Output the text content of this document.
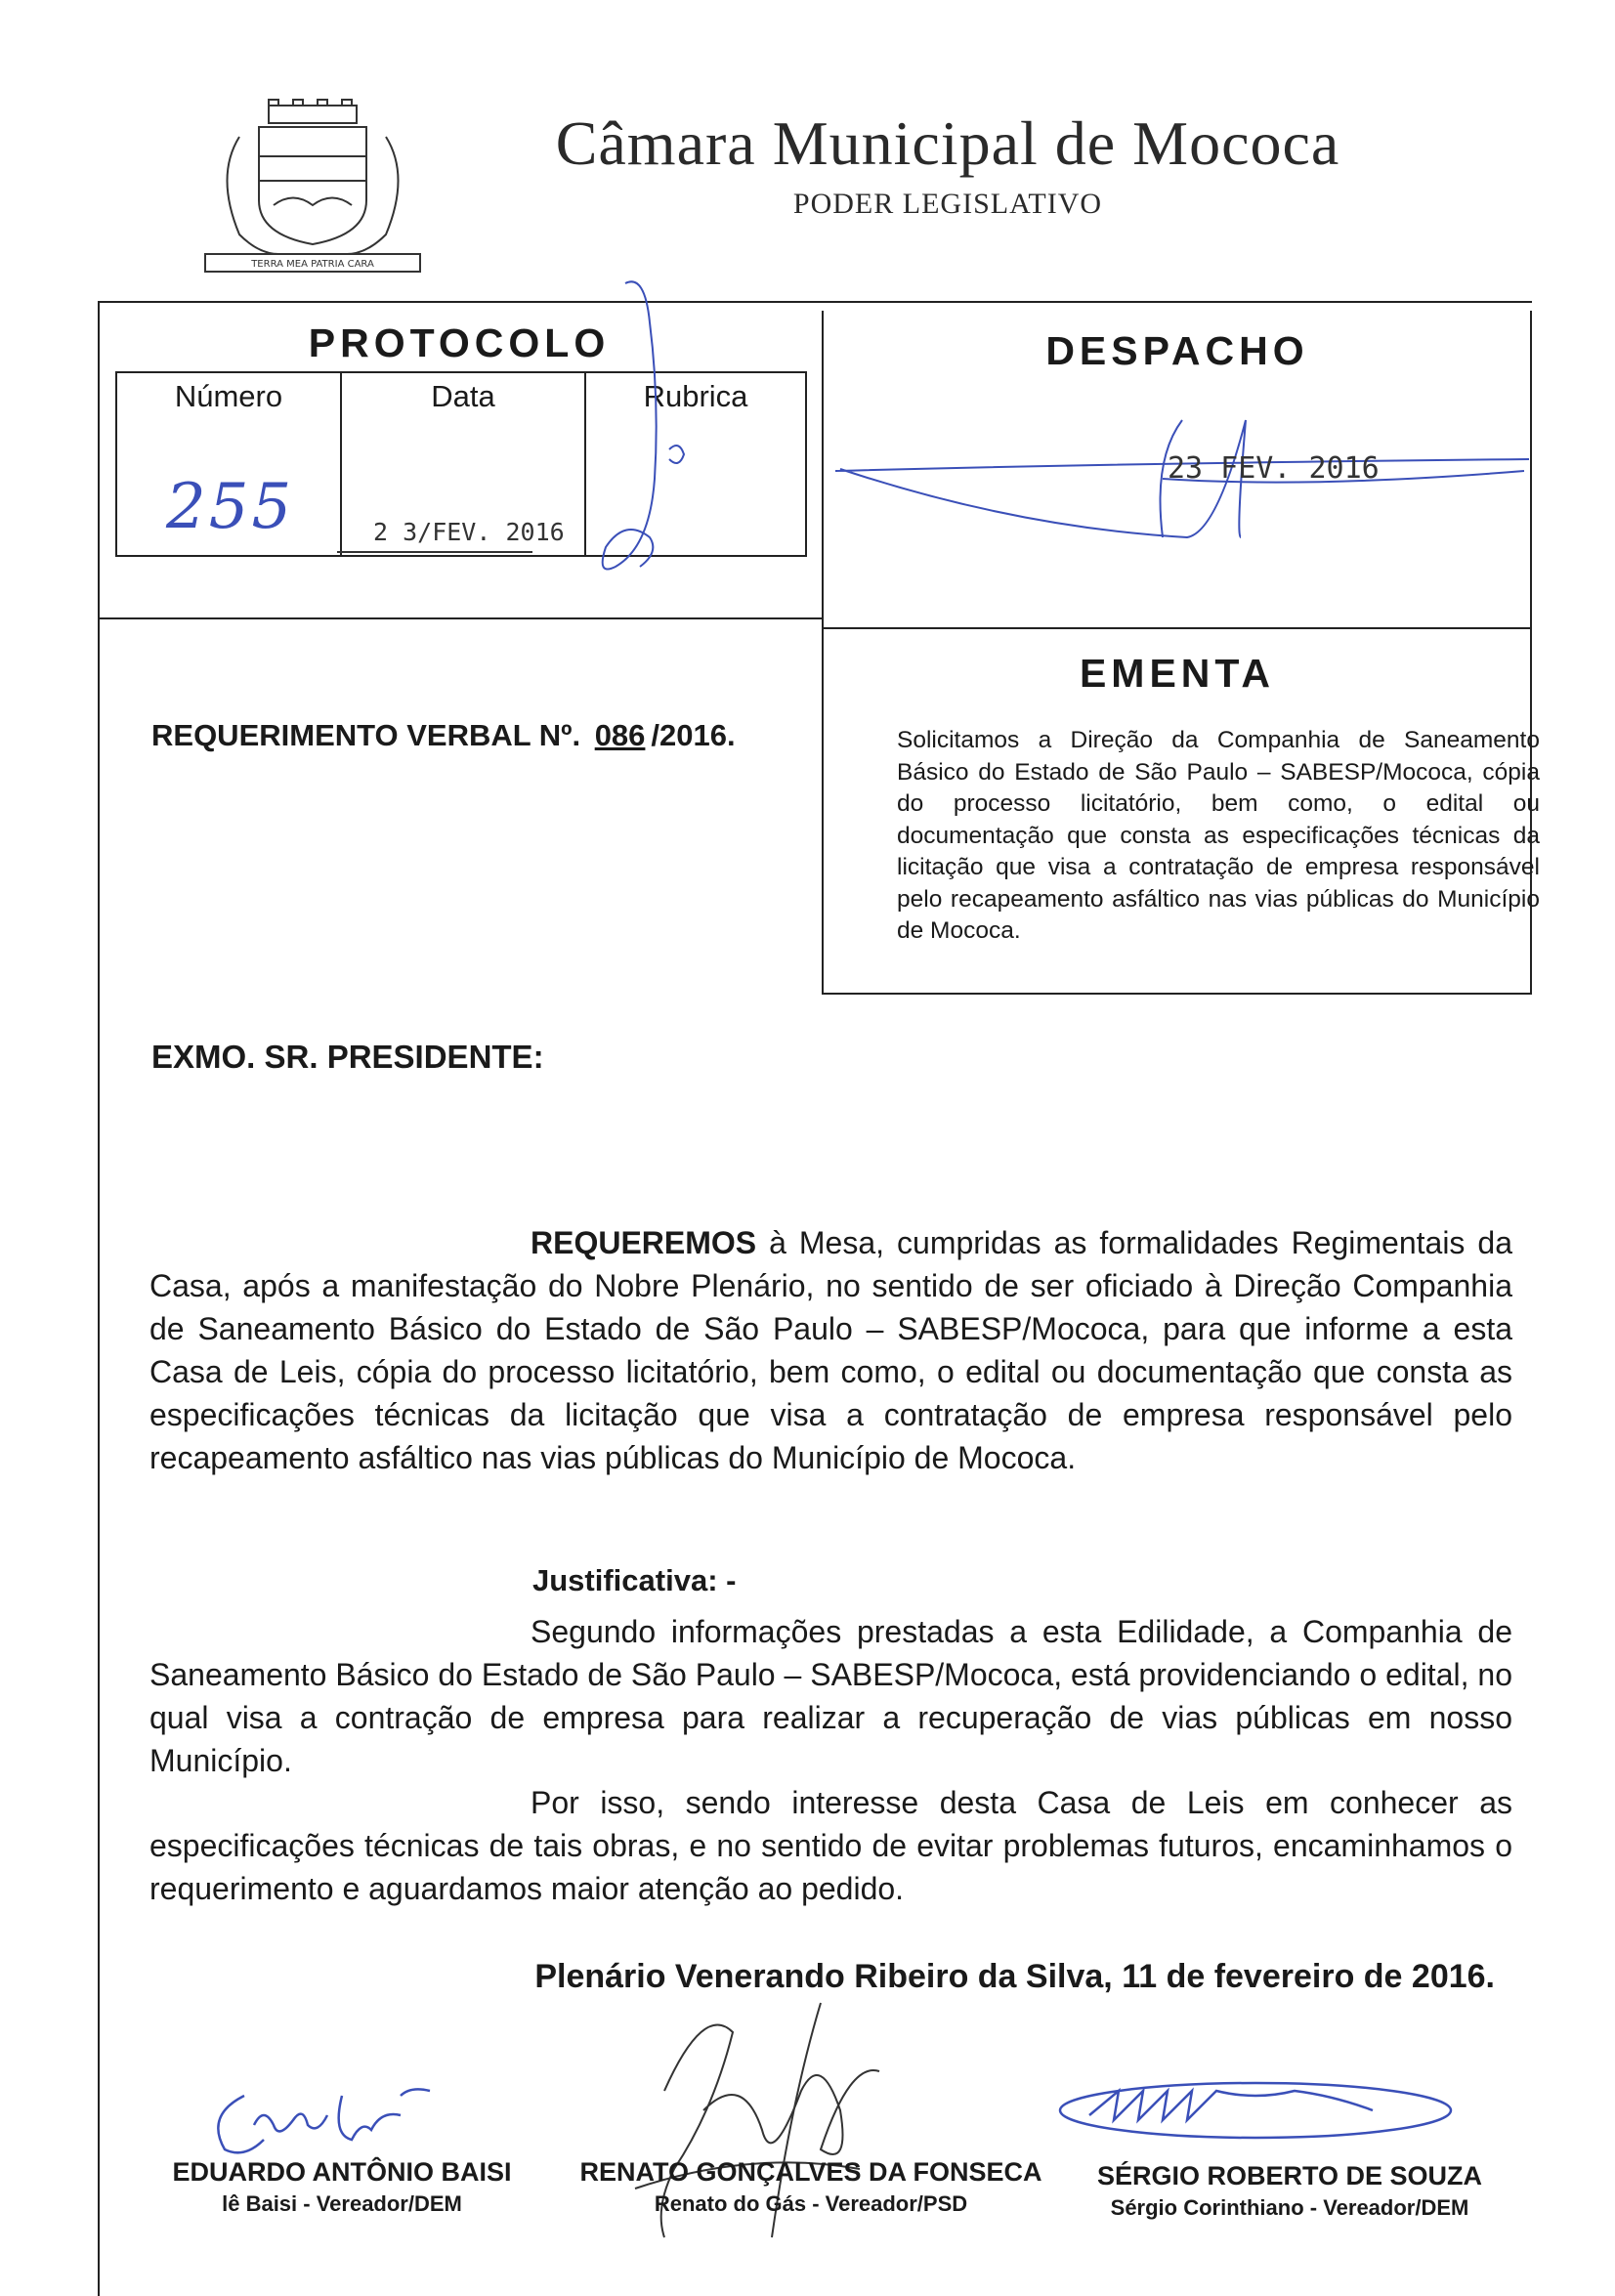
TERRA MEA PATRIA CARA
Câmara Municipal de Mococa
PODER LEGISLATIVO
PROTOCOLO
Número	Data	Rubrica
255	2 3/FEV. 2016
DESPACHO
23 FEV. 2016
EMENTA
Solicitamos a Direção da Companhia de Saneamento Básico do Estado de São Paulo – SABESP/Mococa, cópia do processo licitatório, bem como, o edital ou documentação que consta as especificações técnicas da licitação que visa a contratação de empresa responsável pelo recapeamento asfáltico nas vias públicas do Município de Mococa.
REQUERIMENTO VERBAL Nº. 086 /2016.
EXMO. SR. PRESIDENTE:
REQUEREMOS à Mesa, cumpridas as formalidades Regimentais da Casa, após a manifestação do Nobre Plenário, no sentido de ser oficiado à Direção Companhia de Saneamento Básico do Estado de São Paulo – SABESP/Mococa, para que informe a esta Casa de Leis, cópia do processo licitatório, bem como, o edital ou documentação que consta as especificações técnicas da licitação que visa a contratação de empresa responsável pelo recapeamento asfáltico nas vias públicas do Município de Mococa.
Justificativa: -
Segundo informações prestadas a esta Edilidade, a Companhia de Saneamento Básico do Estado de São Paulo – SABESP/Mococa, está providenciando o edital, no qual visa a contração de empresa para realizar a recuperação de vias públicas em nosso Município.
Por isso, sendo interesse desta Casa de Leis em conhecer as especificações técnicas de tais obras, e no sentido de evitar problemas futuros, encaminhamos o requerimento e aguardamos maior atenção ao pedido.
Plenário Venerando Ribeiro da Silva, 11 de fevereiro de 2016.
EDUARDO ANTÔNIO BAISI
lê Baisi - Vereador/DEM
RENATO GONÇALVES DA FONSECA
Renato do Gás - Vereador/PSD
SÉRGIO ROBERTO DE SOUZA
Sérgio Corinthiano - Vereador/DEM
